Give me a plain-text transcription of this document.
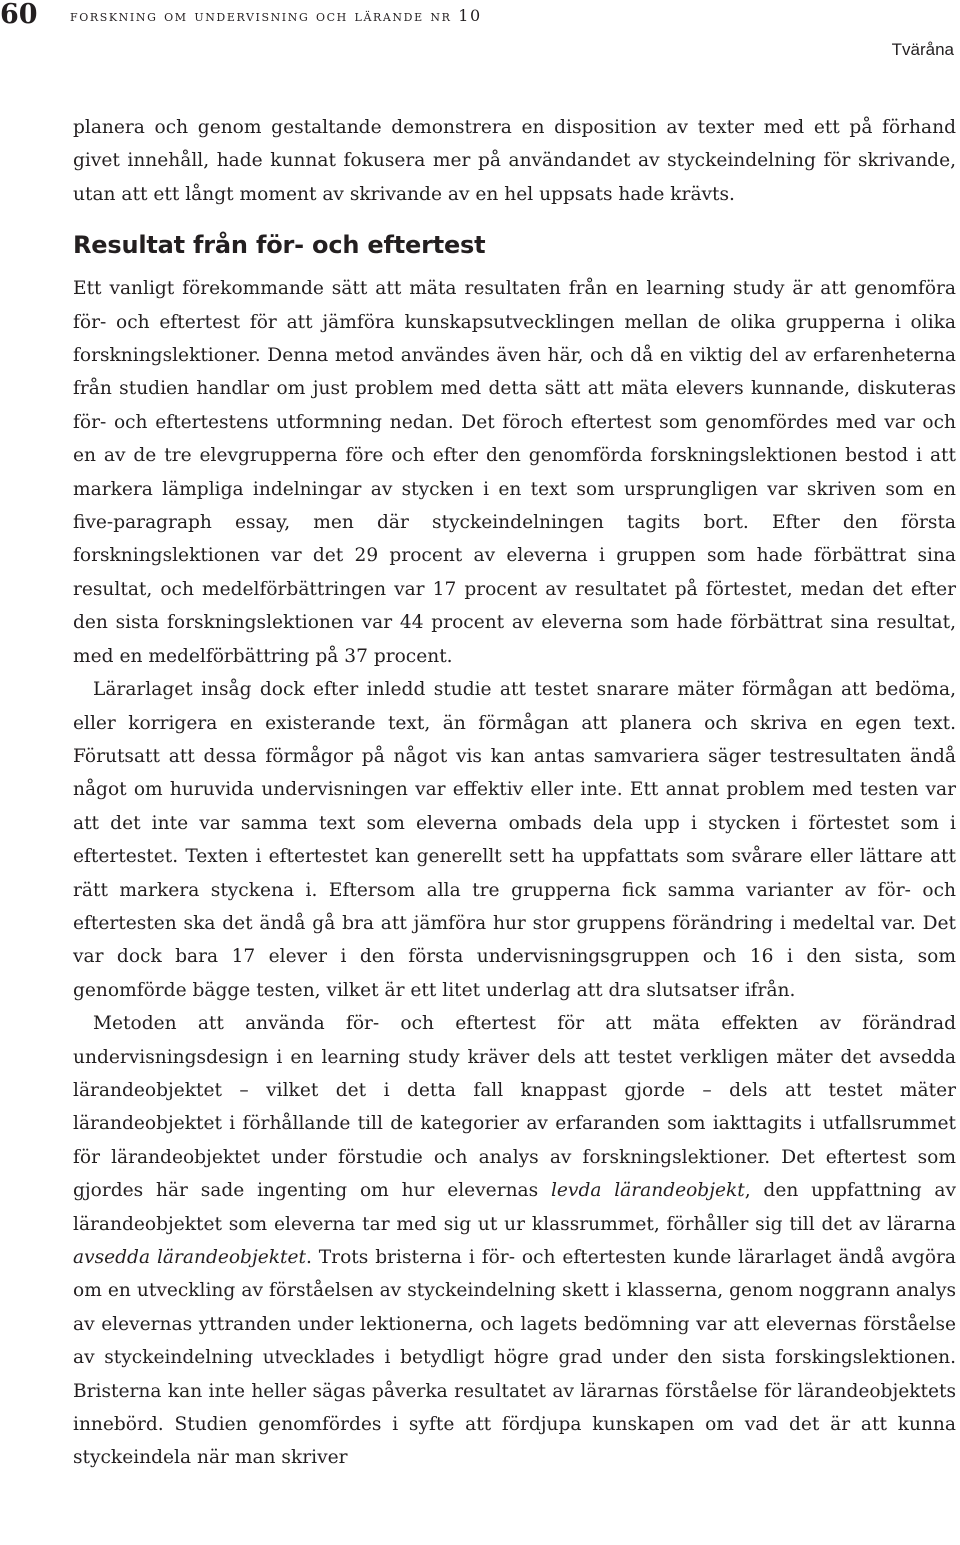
60 forskning om undervisning och lärande nr 10
Tväråna

planera och genom gestaltande demonstrera en disposition av texter med ett på förhand givet innehåll, hade kunnat fokusera mer på användandet av styckeindelning för skrivande, utan att ett långt moment av skrivande av en hel uppsats hade krävts.

Resultat från för- och eftertest

Ett vanligt förekommande sätt att mäta resultaten från en learning study är att genomföra för- och eftertest för att jämföra kunskapsutvecklingen mellan de olika grupperna i olika forskningslektioner. Denna metod användes även här, och då en viktig del av erfarenheterna från studien handlar om just problem med detta sätt att mäta elevers kunnande, diskuteras för- och eftertestens utformning nedan. Det föroch eftertest som genomfördes med var och en av de tre elevgrupperna före och efter den genomförda forskningslektionen bestod i att markera lämpliga indelningar av stycken i en text som ursprungligen var skriven som en five-paragraph essay, men där styckeindelningen tagits bort. Efter den första forskningslektionen var det 29 procent av eleverna i gruppen som hade förbättrat sina resultat, och medelförbättringen var 17 procent av resultatet på förtestet, medan det efter den sista forskningslektionen var 44 procent av eleverna som hade förbättrat sina resultat, med en medelförbättring på 37 procent.

Lärarlaget insåg dock efter inledd studie att testet snarare mäter förmågan att bedöma, eller korrigera en existerande text, än förmågan att planera och skriva en egen text. Förutsatt att dessa förmågor på något vis kan antas samvariera säger testresultaten ändå något om huruvida undervisningen var effektiv eller inte. Ett annat problem med testen var att det inte var samma text som eleverna ombads dela upp i stycken i förtestet som i eftertestet. Texten i eftertestet kan generellt sett ha uppfattats som svårare eller lättare att rätt markera styckena i. Eftersom alla tre grupperna fick samma varianter av för- och eftertesten ska det ändå gå bra att jämföra hur stor gruppens förändring i medeltal var. Det var dock bara 17 elever i den första undervisningsgruppen och 16 i den sista, som genomförde bägge testen, vilket är ett litet underlag att dra slutsatser ifrån.

Metoden att använda för- och eftertest för att mäta effekten av förändrad undervisningsdesign i en learning study kräver dels att testet verkligen mäter det avsedda lärandeobjektet – vilket det i detta fall knappast gjorde – dels att testet mäter lärandeobjektet i förhållande till de kategorier av erfaranden som iakttagits i utfallsrummet för lärandeobjektet under förstudie och analys av forskningslektioner. Det eftertest som gjordes här sade ingenting om hur elevernas levda lärandeobjekt, den uppfattning av lärandeobjektet som eleverna tar med sig ut ur klassrummet, förhåller sig till det av lärarna avsedda lärandeobjektet. Trots bristerna i för- och eftertesten kunde lärarlaget ändå avgöra om en utveckling av förståelsen av styckeindelning skett i klasserna, genom noggrann analys av elevernas yttranden under lektionerna, och lagets bedömning var att elevernas förståelse av styckeindelning utvecklades i betydligt högre grad under den sista forskingslektionen. Bristerna kan inte heller sägas påverka resultatet av lärarnas förståelse för lärandeobjektets innebörd. Studien genomfördes i syfte att fördjupa kunskapen om vad det är att kunna styckeindela när man skriver
